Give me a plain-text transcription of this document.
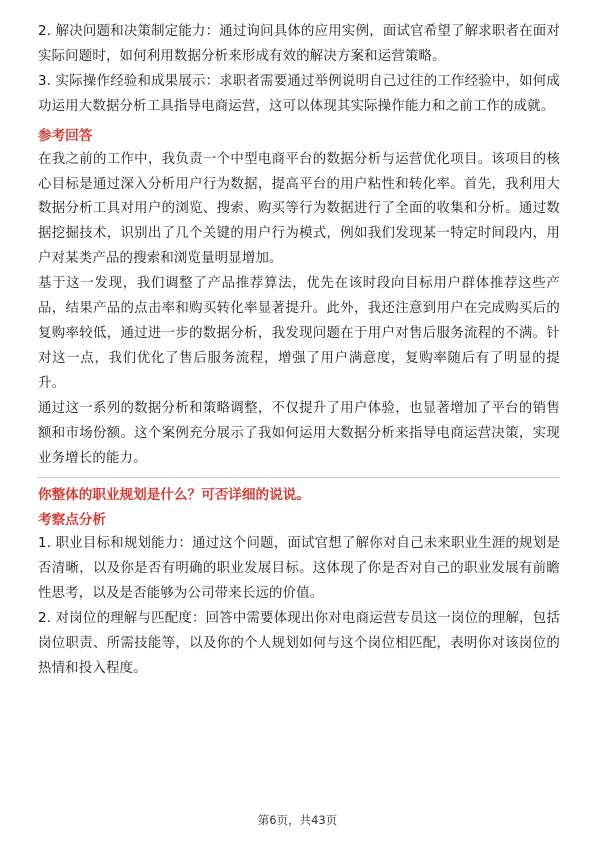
2. 解决问题和决策制定能力：通过询问具体的应用实例，面试官希望了解求职者在面对实际问题时，如何利用数据分析来形成有效的解决方案和运营策略。

3. 实际操作经验和成果展示：求职者需要通过举例说明自己过往的工作经验中，如何成功运用大数据分析工具指导电商运营，这可以体现其实际操作能力和之前工作的成就。

参考回答

在我之前的工作中，我负责一个中型电商平台的数据分析与运营优化项目。该项目的核心目标是通过深入分析用户行为数据，提高平台的用户粘性和转化率。首先，我利用大数据分析工具对用户的浏览、搜索、购买等行为数据进行了全面的收集和分析。通过数据挖掘技术，识别出了几个关键的用户行为模式，例如我们发现某一特定时间段内，用户对某类产品的搜索和浏览量明显增加。

基于这一发现，我们调整了产品推荐算法，优先在该时段向目标用户群体推荐这些产品，结果产品的点击率和购买转化率显著提升。此外，我还注意到用户在完成购买后的复购率较低，通过进一步的数据分析，我发现问题在于用户对售后服务流程的不满。针对这一点，我们优化了售后服务流程，增强了用户满意度，复购率随后有了明显的提升。

通过这一系列的数据分析和策略调整，不仅提升了用户体验，也显著增加了平台的销售额和市场份额。这个案例充分展示了我如何运用大数据分析来指导电商运营决策，实现业务增长的能力。

你整体的职业规划是什么？可否详细的说说。
考察点分析

1. 职业目标和规划能力：通过这个问题，面试官想了解你对自己未来职业生涯的规划是否清晰，以及你是否有明确的职业发展目标。这体现了你是否对自己的职业发展有前瞻性思考，以及是否能够为公司带来长远的价值。

2. 对岗位的理解与匹配度：回答中需要体现出你对电商运营专员这一岗位的理解，包括岗位职责、所需技能等，以及你的个人规划如何与这个岗位相匹配，表明你对该岗位的热情和投入程度。

第6页，共43页
